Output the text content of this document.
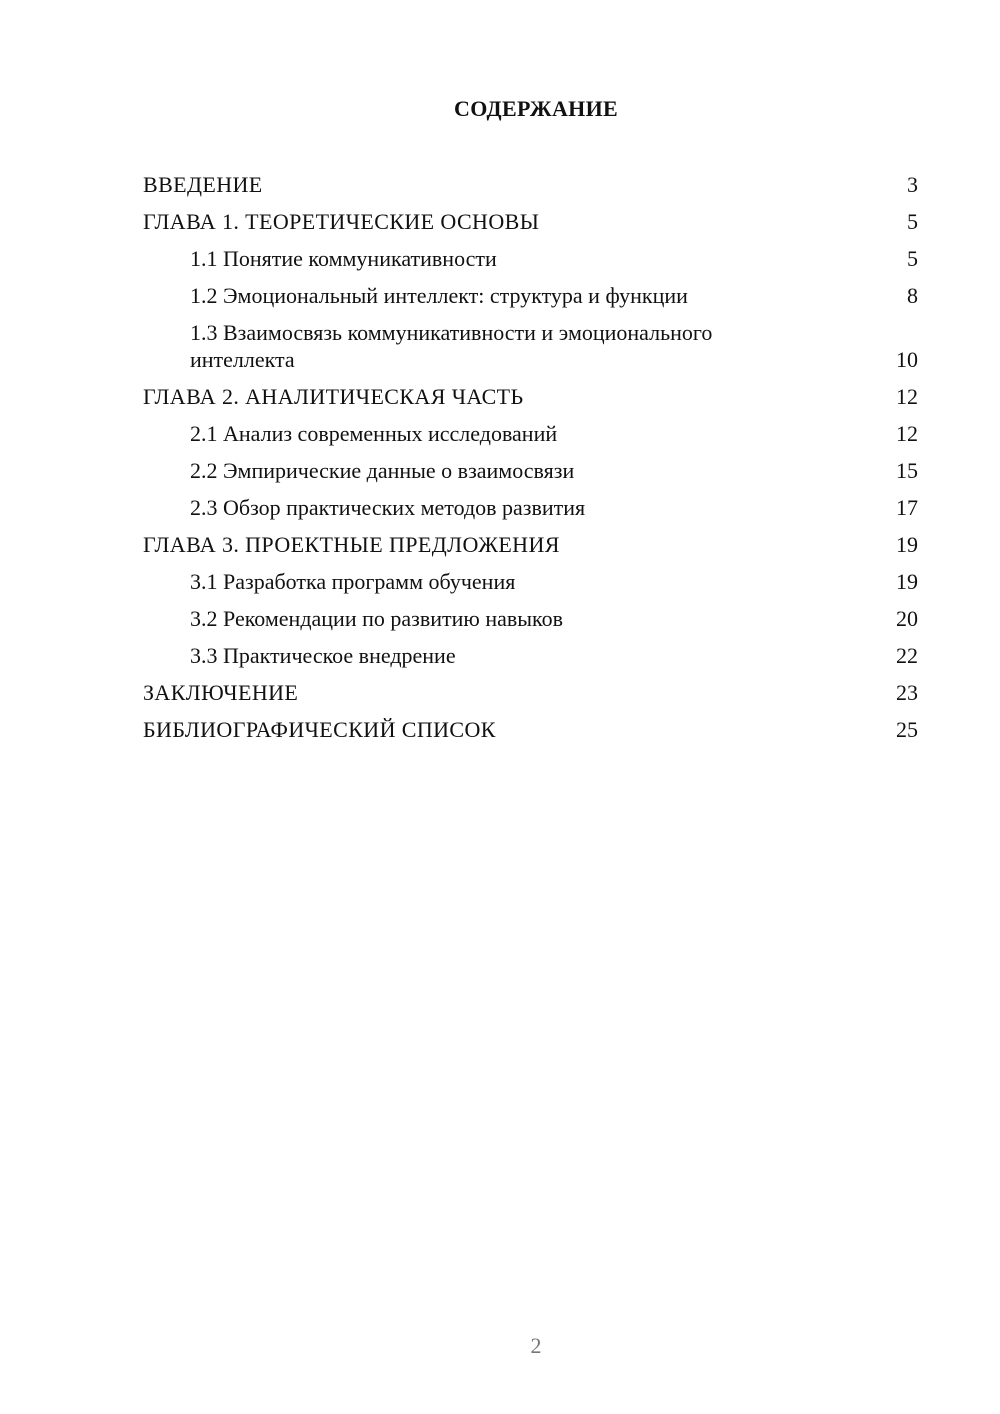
СОДЕРЖАНИЕ
ВВЕДЕНИЕ	3
ГЛАВА 1. ТЕОРЕТИЧЕСКИЕ ОСНОВЫ	5
1.1 Понятие коммуникативности	5
1.2 Эмоциональный интеллект: структура и функции	8
1.3 Взаимосвязь коммуникативности и эмоционального интеллекта	10
ГЛАВА 2. АНАЛИТИЧЕСКАЯ ЧАСТЬ	12
2.1 Анализ современных исследований	12
2.2 Эмпирические данные о взаимосвязи	15
2.3 Обзор практических методов развития	17
ГЛАВА 3. ПРОЕКТНЫЕ ПРЕДЛОЖЕНИЯ	19
3.1 Разработка программ обучения	19
3.2 Рекомендации по развитию навыков	20
3.3 Практическое внедрение	22
ЗАКЛЮЧЕНИЕ	23
БИБЛИОГРАФИЧЕСКИЙ СПИСОК	25
2
